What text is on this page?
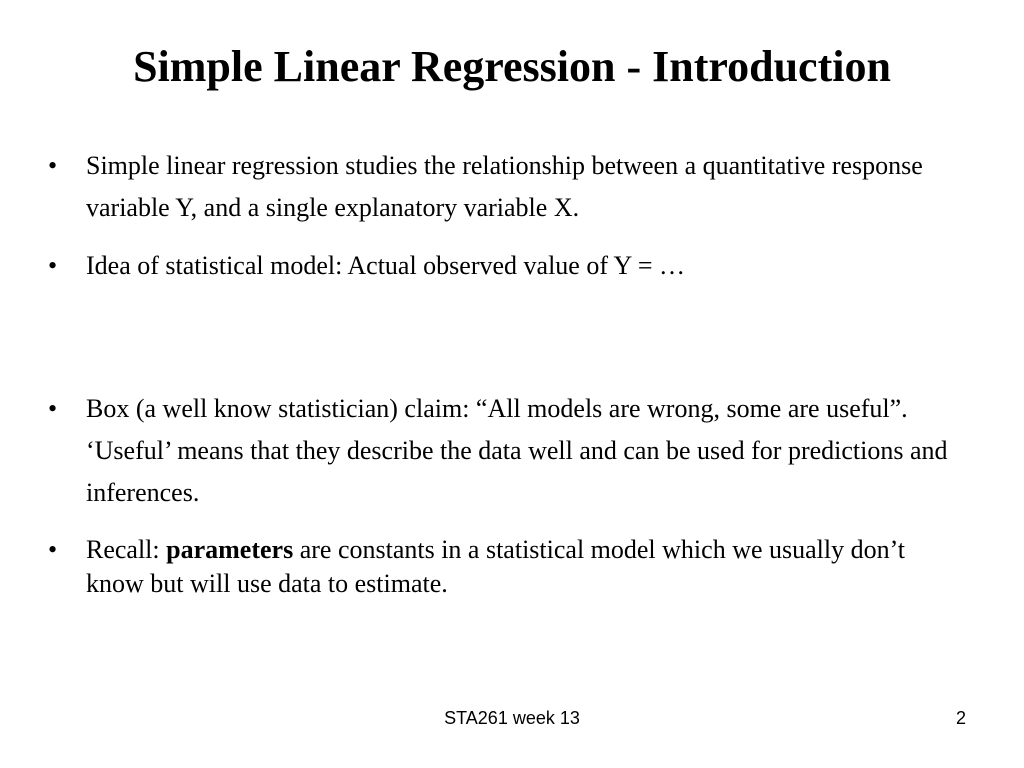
Simple Linear Regression - Introduction
•	Simple linear regression studies the relationship between a quantitative response variable Y, and a single explanatory variable X.
•	Idea of statistical model: Actual observed value of Y = …
•	Box (a well know statistician) claim: “All models are wrong, some are useful”. ‘Useful’ means that they describe the data well and can be used for predictions and inferences.
•	Recall: parameters are constants in a statistical model which we usually don’t know but will use data to estimate.
STA261 week 13	2
